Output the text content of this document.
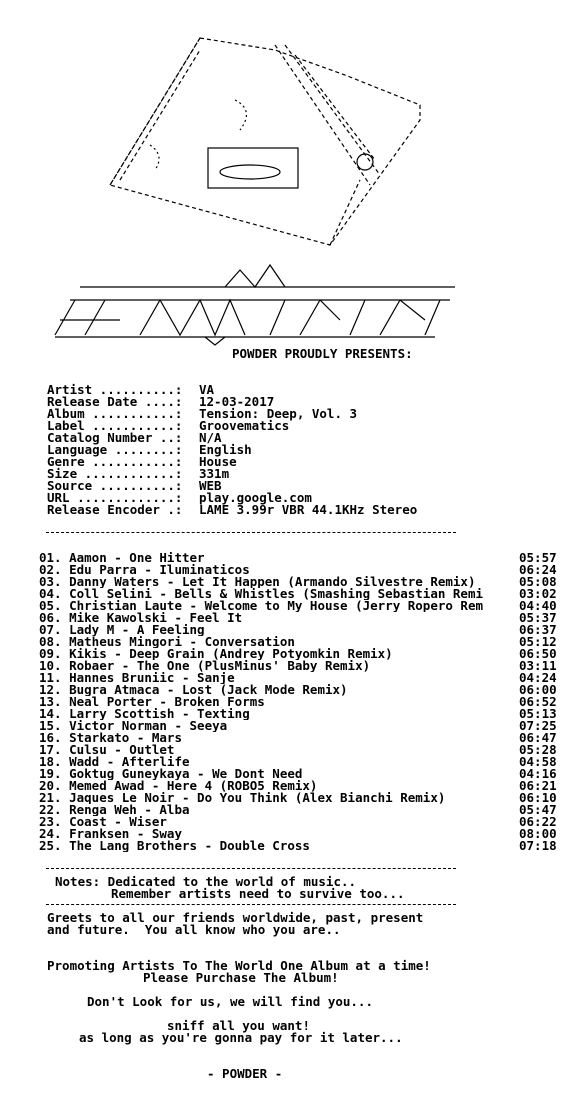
POWDER PROUDLY PRESENTS:
Artist ..........: VA
Release Date ....: 12-03-2017
Album ...........: Tension: Deep, Vol. 3
Label ...........: Groovematics
Catalog Number ..: N/A
Language ........: English
Genre ...........: House
Size ............: 331m
Source ..........: WEB
URL .............: play.google.com
Release Encoder .: LAME 3.99r VBR 44.1KHz Stereo
01. Aamon - One Hitter	05:57
02. Edu Parra - Iluminaticos	06:24
03. Danny Waters - Let It Happen (Armando Silvestre Remix)	05:08
04. Coll Selini - Bells & Whistles (Smashing Sebastian Remi	03:02
05. Christian Laute - Welcome to My House (Jerry Ropero Rem	04:40
06. Mike Kawolski - Feel It	05:37
07. Lady M - A Feeling	06:37
08. Matheus Mingori - Conversation	05:12
09. Kikis - Deep Grain (Andrey Potyomkin Remix)	06:50
10. Robaer - The One (PlusMinus' Baby Remix)	03:11
11. Hannes Bruniic - Sanje	04:24
12. Bugra Atmaca - Lost (Jack Mode Remix)	06:00
13. Neal Porter - Broken Forms	06:52
14. Larry Scottish - Texting	05:13
15. Victor Norman - Seeya	07:25
16. Starkato - Mars	06:47
17. Culsu - Outlet	05:28
18. Wadd - Afterlife	04:58
19. Goktug Guneykaya - We Dont Need	04:16
20. Memed Awad - Here 4 (ROBO5 Remix)	06:21
21. Jaques Le Noir - Do You Think (Alex Bianchi Remix)	06:10
22. Renga Weh - Alba	05:47
23. Coast - Wiser	06:22
24. Franksen - Sway	08:00
25. The Lang Brothers - Double Cross	07:18
Notes: Dedicated to the world of music..
Remember artists need to survive too...
Greets to all our friends worldwide, past, present
and future.  You all know who you are..
Promoting Artists To The World One Album at a time!
Please Purchase The Album!
Don't Look for us, we will find you...
sniff all you want!
as long as you're gonna pay for it later...
- POWDER -
